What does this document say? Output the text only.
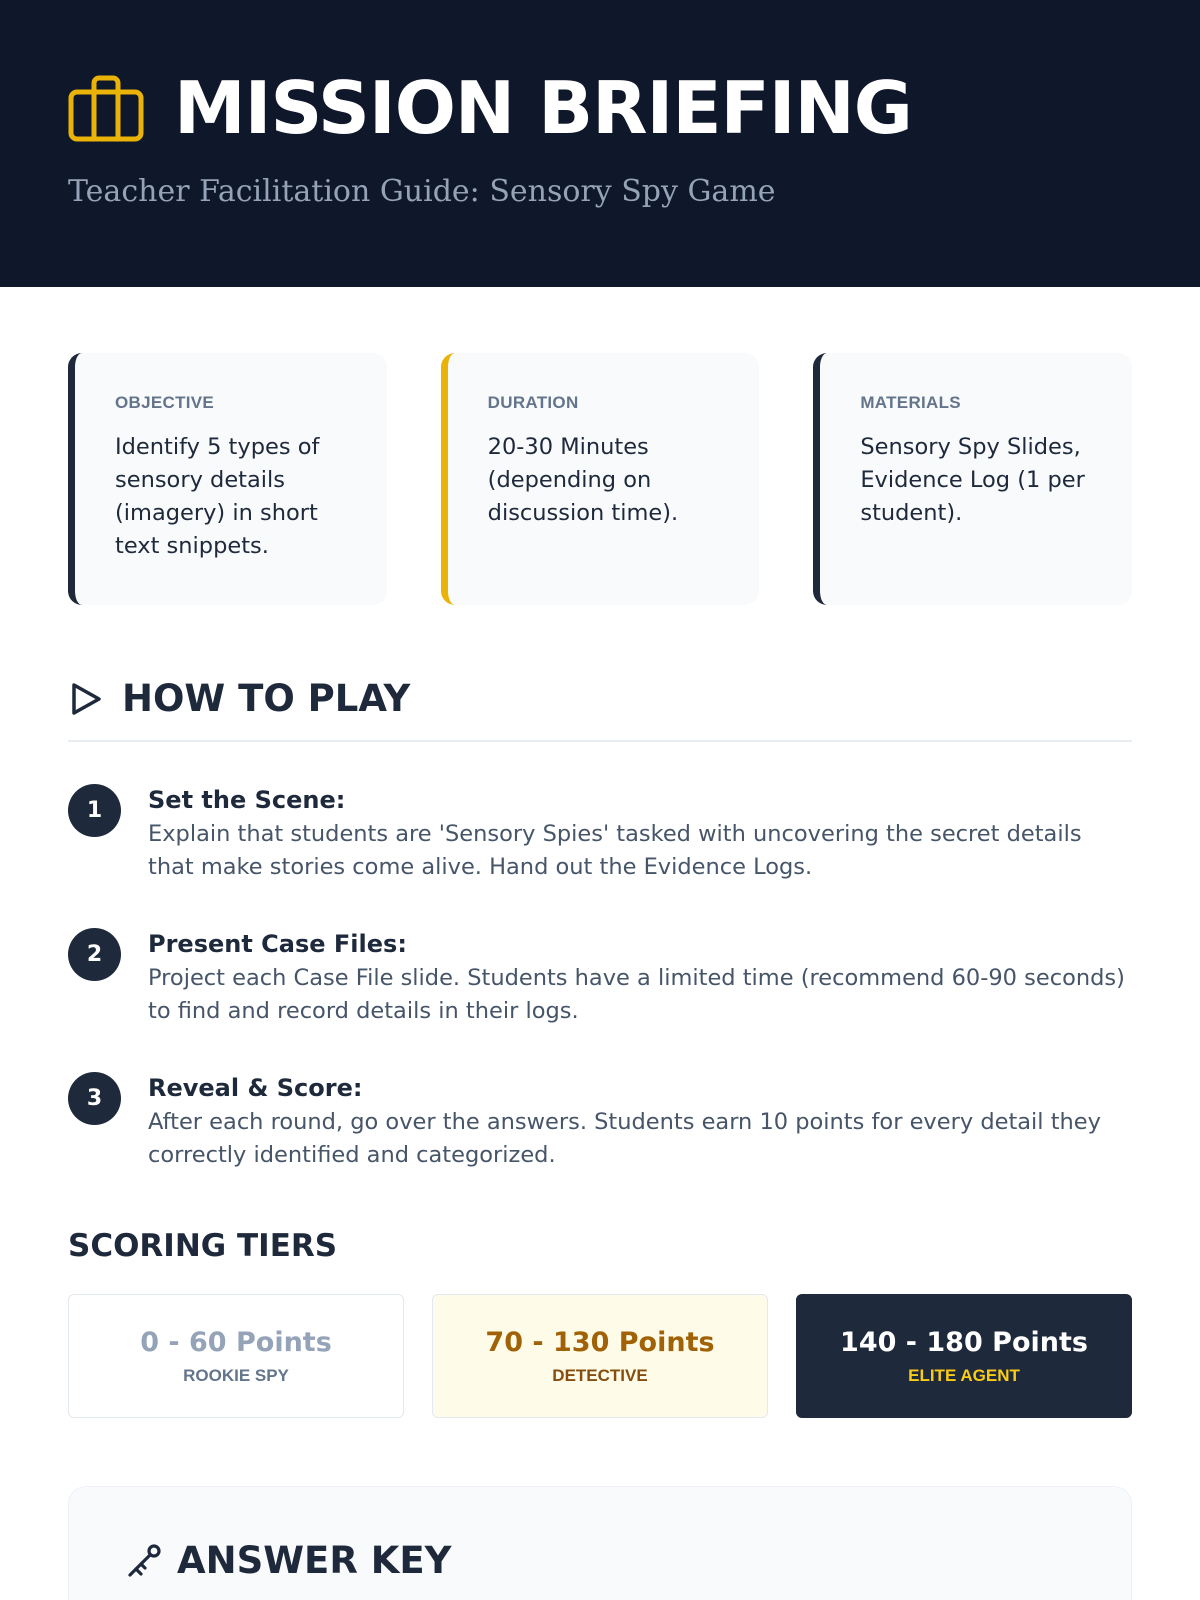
MISSION BRIEFING
Teacher Facilitation Guide: Sensory Spy Game
OBJECTIVE
Identify 5 types of sensory details (imagery) in short text snippets.
DURATION
20-30 Minutes (depending on discussion time).
MATERIALS
Sensory Spy Slides, Evidence Log (1 per student).
HOW TO PLAY
1	Set the Scene:
Explain that students are 'Sensory Spies' tasked with uncovering the secret details that make stories come alive. Hand out the Evidence Logs.
2	Present Case Files:
Project each Case File slide. Students have a limited time (recommend 60-90 seconds) to find and record details in their logs.
3	Reveal & Score:
After each round, go over the answers. Students earn 10 points for every detail they correctly identified and categorized.
SCORING TIERS
0 - 60 Points
ROOKIE SPY
70 - 130 Points
DETECTIVE
140 - 180 Points
ELITE AGENT
ANSWER KEY
